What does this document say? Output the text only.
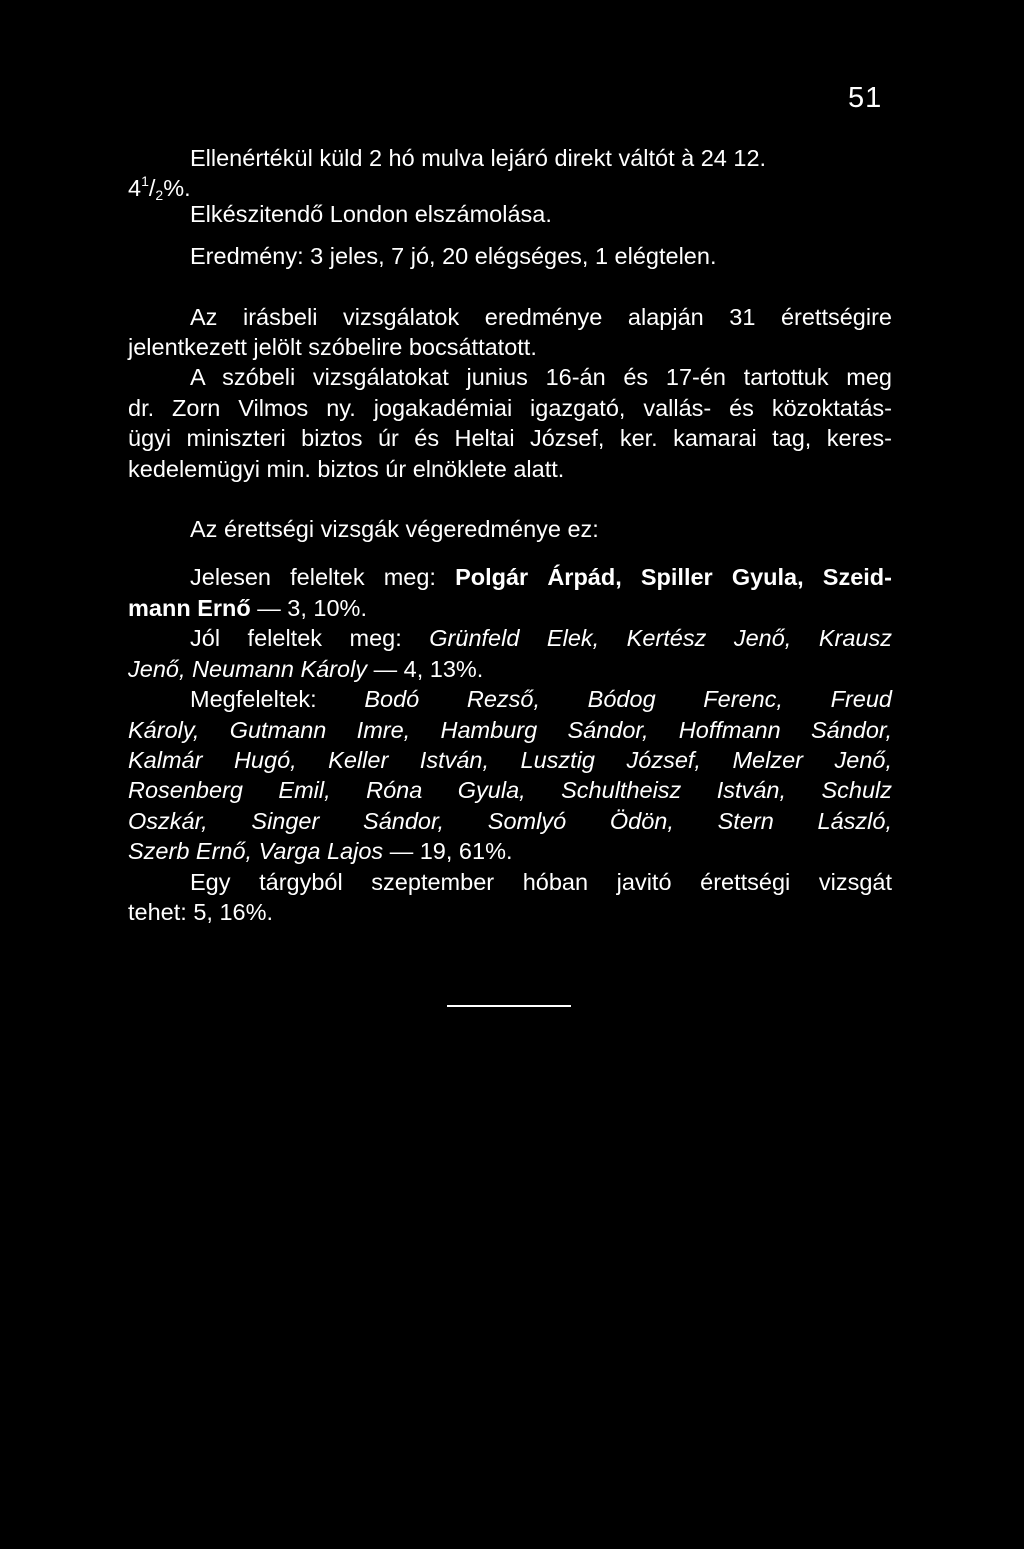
51
Ellenértékül küld 2 hó mulva lejáró direkt váltót à 24 12.
$4^1/2\%$.
Elkészitendő London elszámolása.
Eredmény: 3 jeles, 7 jó, 20 elégséges, 1 elégtelen.
Az irásbeli vizsgálatok eredménye alapján 31 érettségire
jelentkezett jelölt szóbelire bocsáttatott.
A szóbeli vizsgálatokat junius 16-án és 17-én tartottuk meg
dr. Zorn Vilmos ny. jogakadémiai igazgató, vallás- és közoktatás-
ügyi miniszteri biztos úr és Heltai József, ker. kamarai tag, keres-
kedelemügyi min. biztos úr elnöklete alatt.
Az érettségi vizsgák végeredménye ez:
Jelesen feleltek meg: Polgár Árpád, Spiller Gyula, Szeid-
mann Ernő — 3, 10%.
Jól feleltek meg: Grünfeld Elek, Kertész Jenő, Krausz
Jenő, Neumann Károly — 4, 13%.
Megfeleltek: Bodó Rezső, Bódog Ferenc, Freud
Károly, Gutmann Imre, Hamburg Sándor, Hoffmann Sándor,
Kalmár Hugó, Keller István, Lusztig József, Melzer Jenő,
Rosenberg Emil, Róna Gyula, Schultheisz István, Schulz
Oszkár, Singer Sándor, Somlyó Ödön, Stern László,
Szerb Ernő, Varga Lajos — 19, 61%.
Egy tárgyból szeptember hóban javitó érettségi vizsgát
tehet: 5, 16%.
